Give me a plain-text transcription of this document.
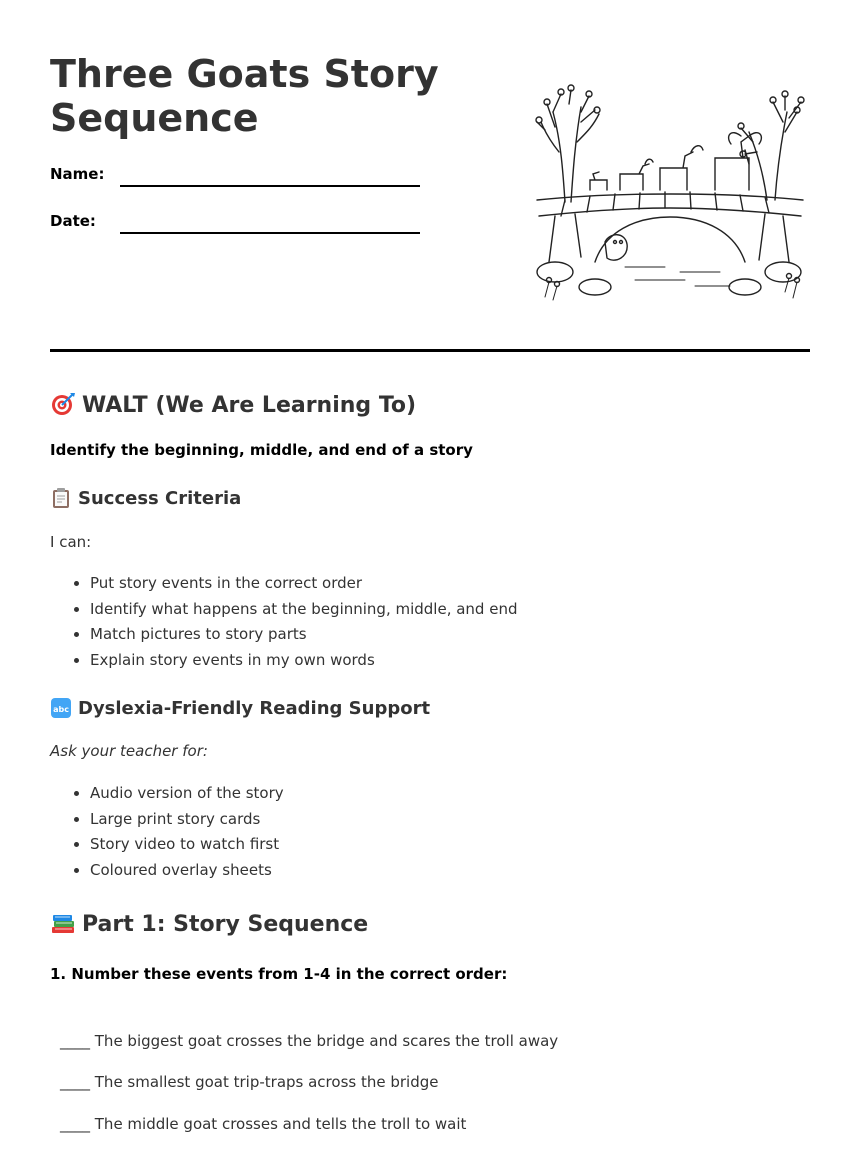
Three Goats Story Sequence
Name:
Date:
WALT (We Are Learning To)
Identify the beginning, middle, and end of a story
Success Criteria
I can:
• Put story events in the correct order
• Identify what happens at the beginning, middle, and end
• Match pictures to story parts
• Explain story events in my own words
abc Dyslexia-Friendly Reading Support
Ask your teacher for:
• Audio version of the story
• Large print story cards
• Story video to watch first
• Coloured overlay sheets
Part 1: Story Sequence
1. Number these events from 1-4 in the correct order:
____ The biggest goat crosses the bridge and scares the troll away
____ The smallest goat trip-traps across the bridge
____ The middle goat crosses and tells the troll to wait
